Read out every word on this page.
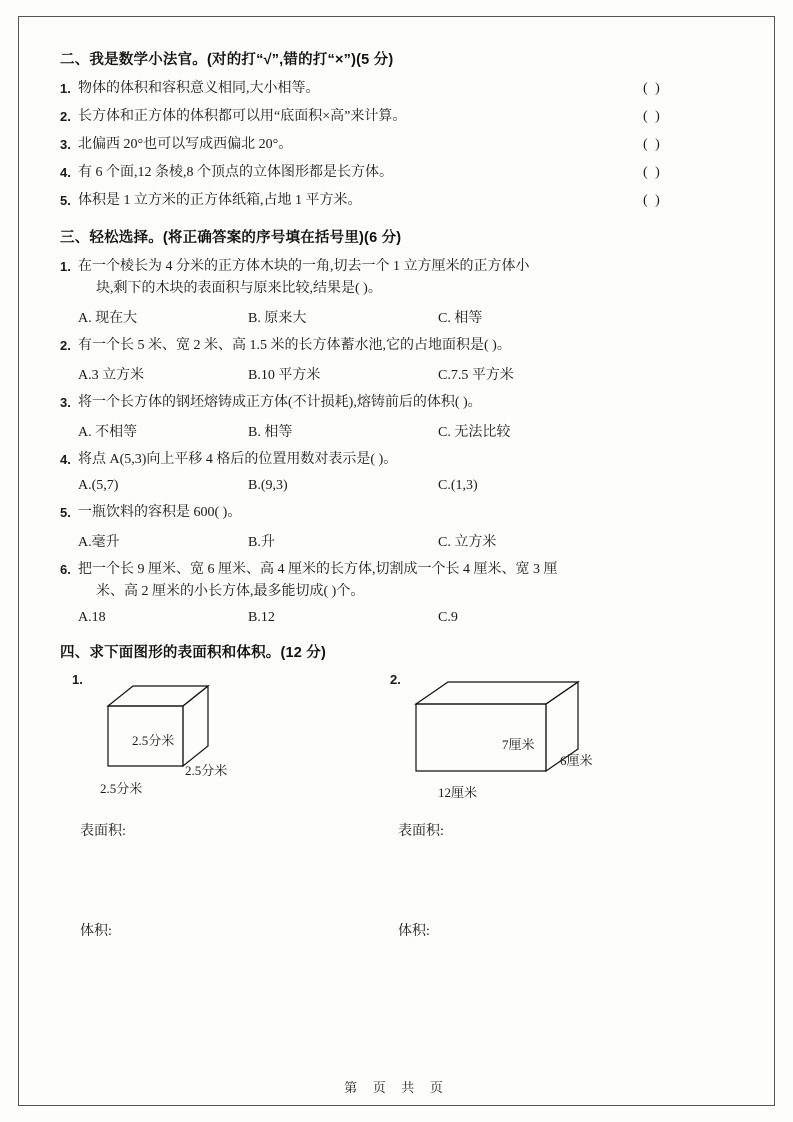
二、我是数学小法官。(对的打“√”,错的打“×”)(5 分)
1. 物体的体积和容积意义相同,大小相等。	( )
2. 长方体和正方体的体积都可以用“底面积×高”来计算。	( )
3. 北偏西 20°也可以写成西偏北 20°。	( )
4. 有 6 个面,12 条棱,8 个顶点的立体图形都是长方体。	( )
5. 体积是 1 立方米的正方体纸箱,占地 1 平方米。	( )
三、轻松选择。(将正确答案的序号填在括号里)(6 分)
1. 在一个棱长为 4 分米的正方体木块的一角,切去一个 1 立方厘米的正方体小
块,剩下的木块的表面积与原来比较,结果是( )。
A. 现在大	B. 原来大	C. 相等
2. 有一个长 5 米、宽 2 米、高 1.5 米的长方体蓄水池,它的占地面积是( )。
A.3 立方米	B.10 平方米	C.7.5 平方米
3. 将一个长方体的钢坯熔铸成正方体(不计损耗),熔铸前后的体积( )。
A. 不相等	B. 相等	C. 无法比较
4. 将点 A(5,3)向上平移 4 格后的位置用数对表示是( )。
A.(5,7)	B.(9,3)	C.(1,3)
5. 一瓶饮料的容积是 600( )。
A.毫升	B.升	C. 立方米
6. 把一个长 9 厘米、宽 6 厘米、高 4 厘米的长方体,切割成一个长 4 厘米、宽 3 厘
米、高 2 厘米的小长方体,最多能切成( )个。
A.18	B.12	C.9
四、求下面图形的表面积和体积。(12 分)
1.
2.5分米
2.5分米
2.5分米
表面积:
体积:
2.
7厘米
6厘米
12厘米
表面积:
体积:
第 页 共 页
